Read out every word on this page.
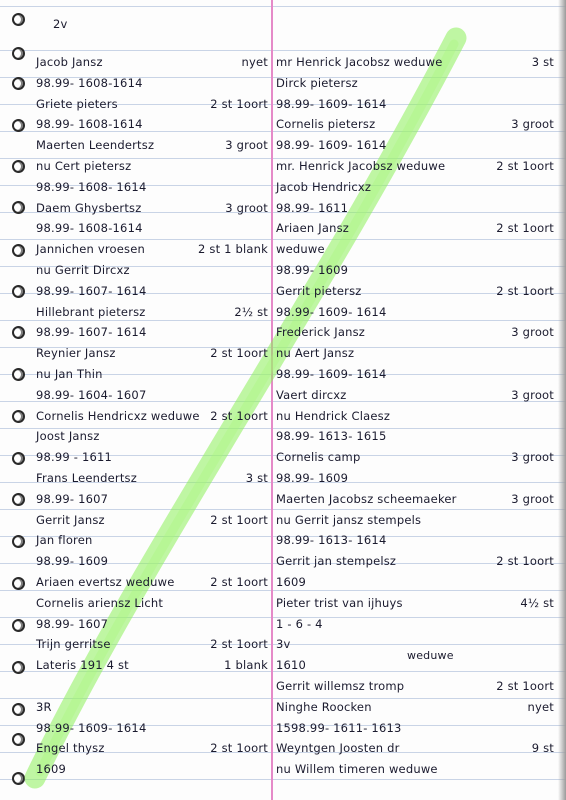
2v
Jacob Jansz	nyet
98.99- 1608-1614
Griete pieters	2 st 1oort
98.99- 1608-1614
Maerten Leendertsz	3 groot
nu Cert pietersz
98.99- 1608- 1614
Daem Ghysbertsz	3 groot
98.99- 1608-1614
Jannichen vroesen	2 st 1 blank
nu Gerrit Dircxz
98.99- 1607- 1614
Hillebrant pietersz	2½ st
98.99- 1607- 1614
Reynier Jansz	2 st 1oort
nu Jan Thin
98.99- 1604- 1607
Cornelis Hendricxz weduwe 2 st 1oort
Joost Jansz
98.99 - 1611
Frans Leendertsz	3 st
98.99- 1607
Gerrit Jansz	2 st 1oort
Jan floren
98.99- 1609
Ariaen evertsz weduwe	2 st 1oort
Cornelis ariensz Licht
98.99- 1607
Trijn gerritse	2 st 1oort
Lateris 191 4 st	1 blank
3R
98.99- 1609- 1614
Engel thysz	2 st 1oort
1609
mr Henrick Jacobsz weduwe	3 st
Dirck pietersz
98.99- 1609- 1614
Cornelis pietersz	3 groot
98.99- 1609- 1614
mr. Henrick Jacobsz weduwe	2 st 1oort
Jacob Hendricxz
98.99- 1611
Ariaen Jansz	2 st 1oort
weduwe
98.99- 1609
Gerrit pietersz	2 st 1oort
98.99- 1609- 1614
Frederick Jansz	3 groot
nu Aert Jansz
98.99- 1609- 1614
Vaert dircxz	3 groot
nu Hendrick Claesz
98.99- 1613- 1615
Cornelis camp	3 groot
98.99- 1609
Maerten Jacobsz scheemaeker	3 groot
nu Gerrit jansz stempels
98.99- 1613- 1614
Gerrit jan stempelsz	2 st 1oort
1609
Pieter trist van ijhuys	4½ st
1 - 6 - 4
3v
1610
Gerrit willemsz tromp	2 st 1oort
Ninghe Roocken	nyet
1598.99- 1611- 1613
Weyntgen Joosten dr	9 st
nu Willem timeren weduwe
weduwe
